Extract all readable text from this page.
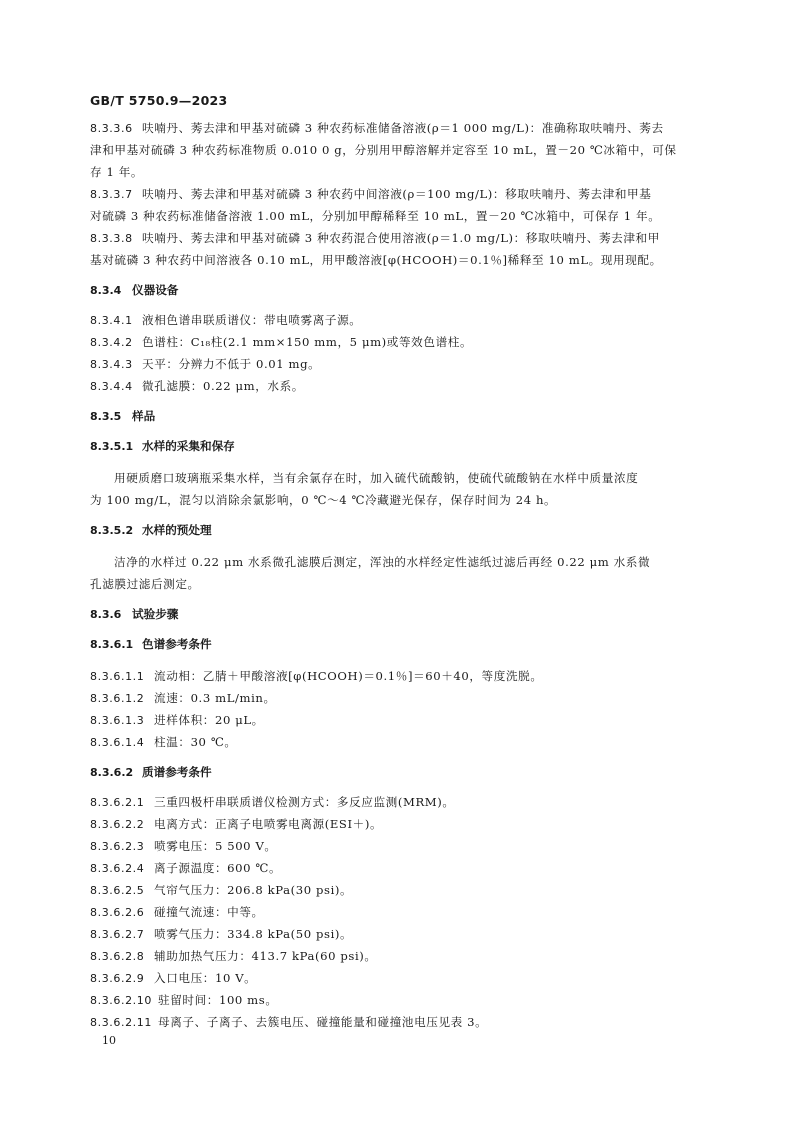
GB/T 5750.9—2023
8.3.3.6 呋喃丹、莠去津和甲基对硫磷 3 种农药标准储备溶液(ρ＝1 000 mg/L)：准确称取呋喃丹、莠去
津和甲基对硫磷 3 种农药标准物质 0.010 0 g，分别用甲醇溶解并定容至 10 mL，置－20 ℃冰箱中，可保
存 1 年。
8.3.3.7 呋喃丹、莠去津和甲基对硫磷 3 种农药中间溶液(ρ＝100 mg/L)：移取呋喃丹、莠去津和甲基
对硫磷 3 种农药标准储备溶液 1.00 mL，分别加甲醇稀释至 10 mL，置－20 ℃冰箱中，可保存 1 年。
8.3.3.8 呋喃丹、莠去津和甲基对硫磷 3 种农药混合使用溶液(ρ＝1.0 mg/L)：移取呋喃丹、莠去津和甲
基对硫磷 3 种农药中间溶液各 0.10 mL，用甲酸溶液[φ(HCOOH)＝0.1％]稀释至 10 mL。现用现配。
8.3.4 仪器设备
8.3.4.1 液相色谱串联质谱仪：带电喷雾离子源。
8.3.4.2 色谱柱：C₁₈柱(2.1 mm×150 mm，5 μm)或等效色谱柱。
8.3.4.3 天平：分辨力不低于 0.01 mg。
8.3.4.4 微孔滤膜：0.22 μm，水系。
8.3.5 样品
8.3.5.1 水样的采集和保存
用硬质磨口玻璃瓶采集水样，当有余氯存在时，加入硫代硫酸钠，使硫代硫酸钠在水样中质量浓度
为 100 mg/L，混匀以消除余氯影响，0 ℃～4 ℃冷藏避光保存，保存时间为 24 h。
8.3.5.2 水样的预处理
洁净的水样过 0.22 μm 水系微孔滤膜后测定，浑浊的水样经定性滤纸过滤后再经 0.22 μm 水系微
孔滤膜过滤后测定。
8.3.6 试验步骤
8.3.6.1 色谱参考条件
8.3.6.1.1 流动相：乙腈＋甲酸溶液[φ(HCOOH)＝0.1％]＝60＋40，等度洗脱。
8.3.6.1.2 流速：0.3 mL/min。
8.3.6.1.3 进样体积：20 μL。
8.3.6.1.4 柱温：30 ℃。
8.3.6.2 质谱参考条件
8.3.6.2.1 三重四极杆串联质谱仪检测方式：多反应监测(MRM)。
8.3.6.2.2 电离方式：正离子电喷雾电离源(ESI＋)。
8.3.6.2.3 喷雾电压：5 500 V。
8.3.6.2.4 离子源温度：600 ℃。
8.3.6.2.5 气帘气压力：206.8 kPa(30 psi)。
8.3.6.2.6 碰撞气流速：中等。
8.3.6.2.7 喷雾气压力：334.8 kPa(50 psi)。
8.3.6.2.8 辅助加热气压力：413.7 kPa(60 psi)。
8.3.6.2.9 入口电压：10 V。
8.3.6.2.10 驻留时间：100 ms。
8.3.6.2.11 母离子、子离子、去簇电压、碰撞能量和碰撞池电压见表 3。
10
